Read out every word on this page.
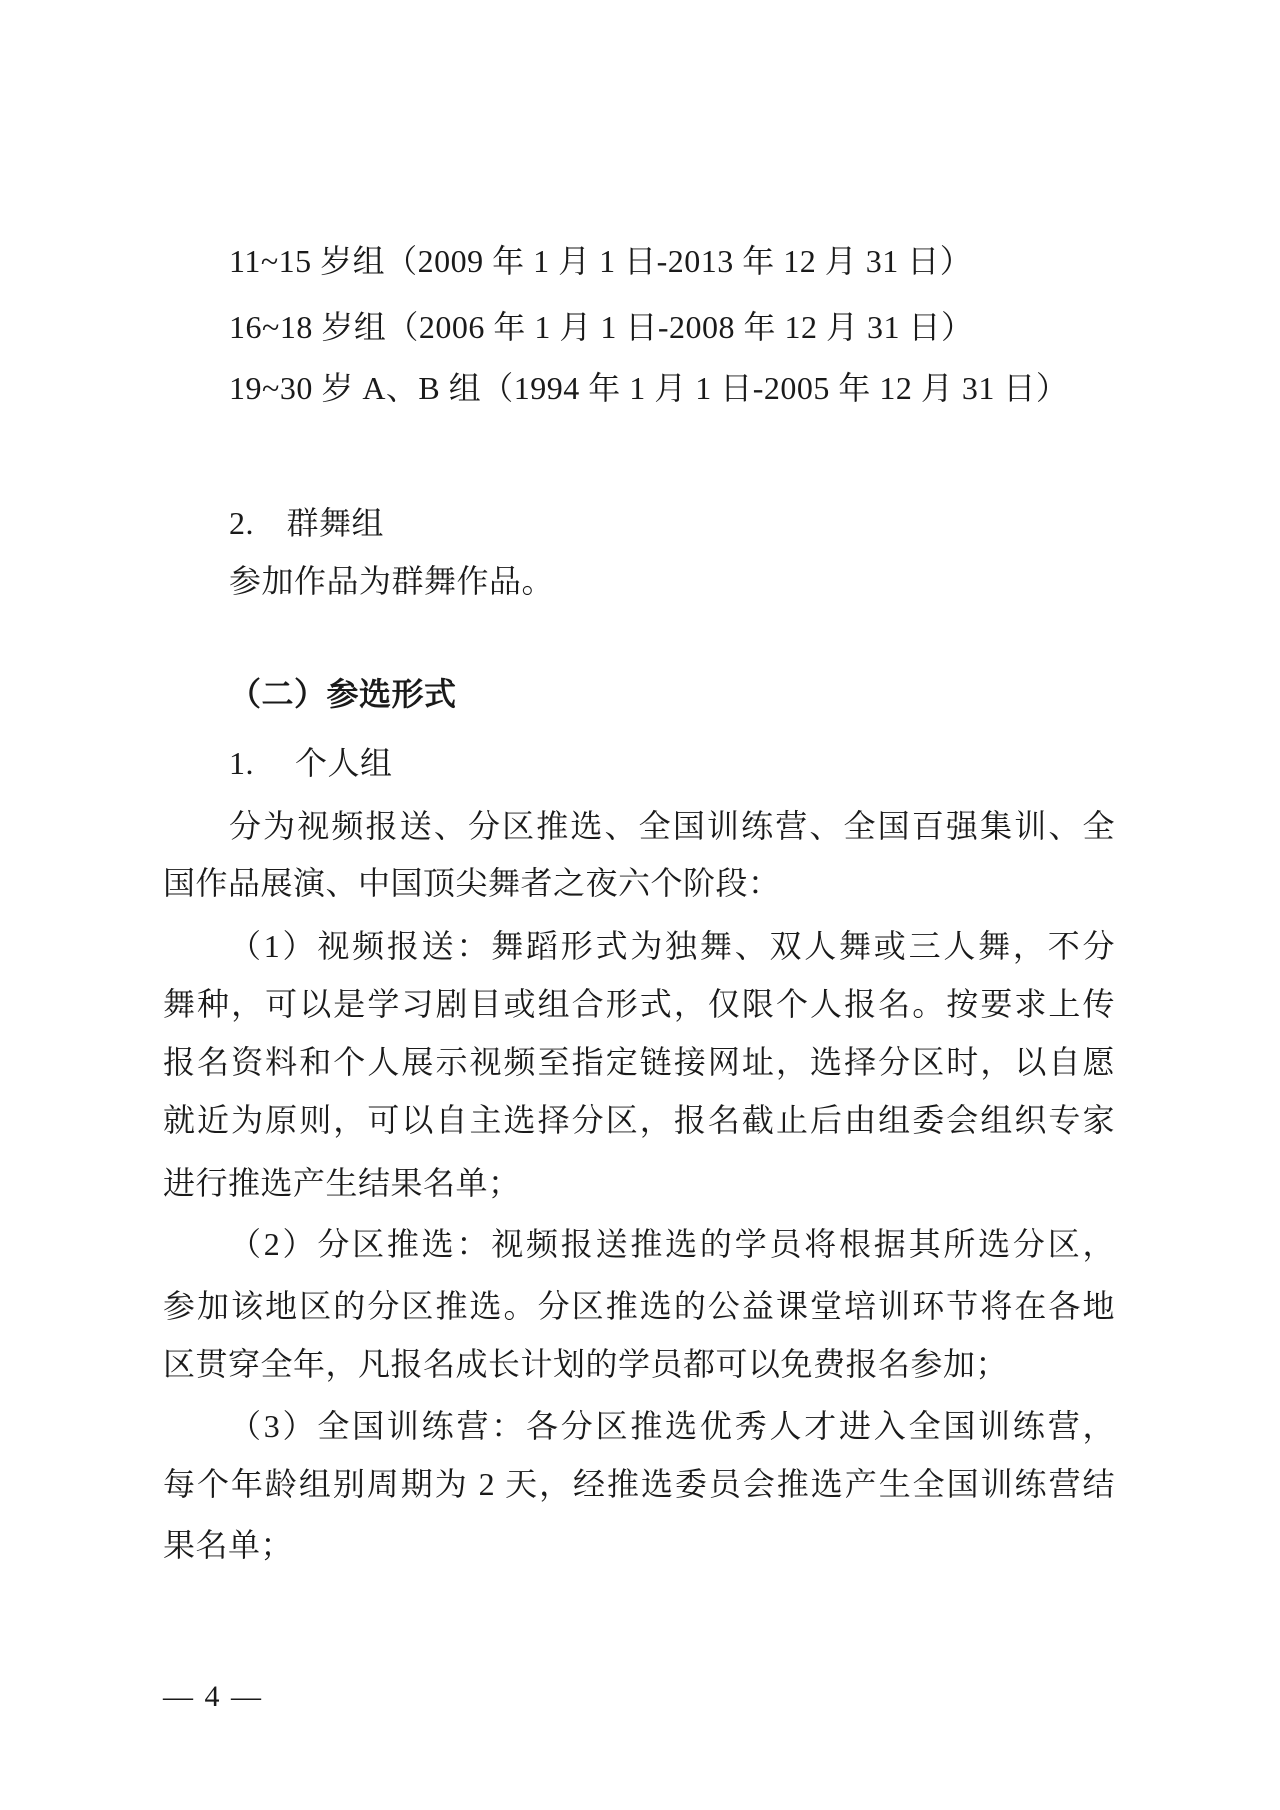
11~15 岁组（2009 年 1 月 1 日-2013 年 12 月 31 日）
16~18 岁组（2006 年 1 月 1 日-2008 年 12 月 31 日）
19~30 岁 A、B 组（1994 年 1 月 1 日-2005 年 12 月 31 日）
2.　群舞组
参加作品为群舞作品。
（二）参选形式
1.　 个人组
分为视频报送、分区推选、全国训练营、全国百强集训、全
国作品展演、中国顶尖舞者之夜六个阶段：
（1）视频报送：舞蹈形式为独舞、双人舞或三人舞，不分
舞种，可以是学习剧目或组合形式，仅限个人报名。按要求上传
报名资料和个人展示视频至指定链接网址，选择分区时，以自愿
就近为原则，可以自主选择分区，报名截止后由组委会组织专家
进行推选产生结果名单；
（2）分区推选：视频报送推选的学员将根据其所选分区，
参加该地区的分区推选。分区推选的公益课堂培训环节将在各地
区贯穿全年，凡报名成长计划的学员都可以免费报名参加；
（3）全国训练营：各分区推选优秀人才进入全国训练营，
每个年龄组别周期为 2 天，经推选委员会推选产生全国训练营结
果名单；
— 4 —
